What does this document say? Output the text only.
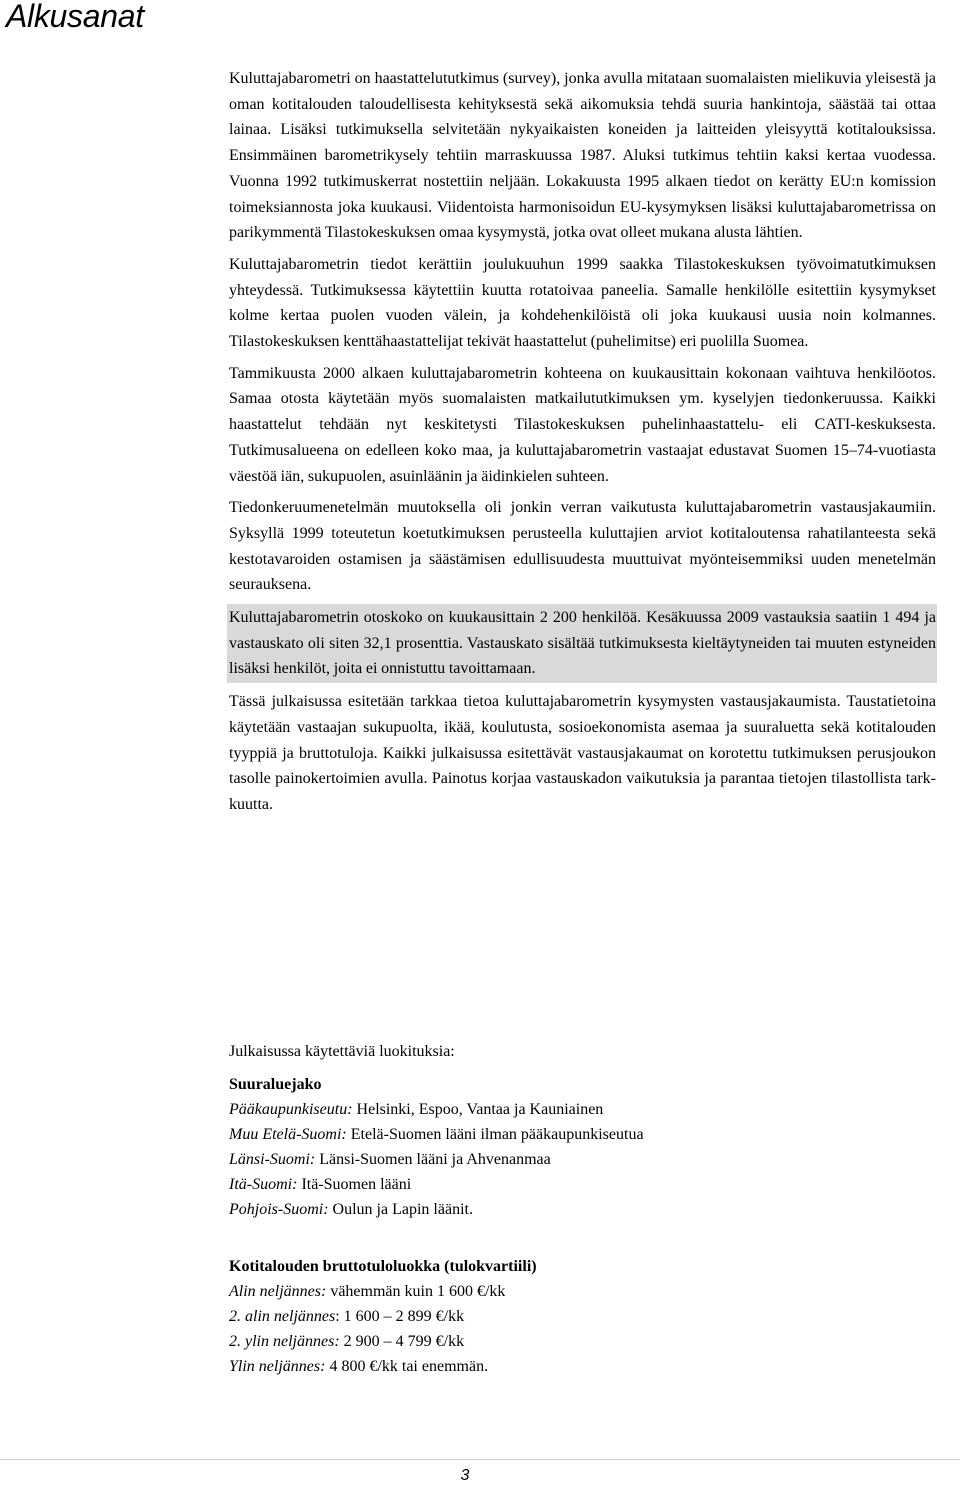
Alkusanat

Kuluttajabarometri on haastattelututkimus (survey), jonka avulla mitataan suomalaisten mielikuvia yleisestä ja oman kotitalouden taloudellisesta kehityksestä sekä aikomuksia tehdä suuria hankintoja, säästää tai ottaa lainaa. Lisäksi tutkimuksella selvitetään nykyaikaisten koneiden ja laitteiden yleisyyttä kotitalouksissa. Ensimmäinen barometrikysely tehtiin marraskuussa 1987. Aluksi tutkimus tehtiin kaksi kertaa vuodessa. Vuonna 1992 tutkimuskerrat nostettiin neljään. Lokakuusta 1995 alkaen tiedot on kerätty EU:n komission toimeksiannosta joka kuukausi. Viidentoista harmonisoidun EU-kysymyksen lisäksi kuluttajabarometrissa on parikymmentä Tilastokeskuksen omaa kysymystä, jotka ovat olleet mukana alusta lähtien.

Kuluttajabarometrin tiedot kerättiin joulukuuhun 1999 saakka Tilastokeskuksen työvoimatutkimuksen yhteydessä. Tutkimuksessa käytettiin kuutta rotatoivaa paneelia. Samalle henkilölle esitettiin kysymykset kolme kertaa puolen vuoden välein, ja kohdehenkilöistä oli joka kuukausi uusia noin kolmannes. Tilastokeskuksen kenttähaastattelijat tekivät haastattelut (puhelimitse) eri puolilla Suomea.

Tammikuusta 2000 alkaen kuluttajabarometrin kohteena on kuukausittain kokonaan vaihtuva henkilöotos. Samaa otosta käytetään myös suomalaisten matkailututkimuksen ym. kyselyjen tiedonkeruussa. Kaikki haastattelut tehdään nyt keskitetysti Tilastokeskuksen puhelinhaastattelu- eli CATI-keskuksesta. Tutkimusalueena on edelleen koko maa, ja kuluttajabarometrin vastaajat edustavat Suomen 15–74-vuotiasta väestöä iän, sukupuolen, asuinläänin ja äidinkielen suhteen.

Tiedonkeruumenetelmän muutoksella oli jonkin verran vaikutusta kuluttajabarometrin vastausjakaumiin. Syksyllä 1999 toteutetun koetutkimuksen perusteella kuluttajien arviot kotitaloutensa rahatilanteesta sekä kestotavaroiden ostamisen ja säästämisen edullisuudesta muuttuivat myönteisemmiksi uuden menetelmän seurauksena.

Kuluttajabarometrin otoskoko on kuukausittain 2 200 henkilöä. Kesäkuussa 2009 vastauksia saatiin 1 494 ja vastauskato oli siten 32,1 prosenttia. Vastauskato sisältää tutkimuksesta kieltäytyneiden tai muuten estyneiden lisäksi henkilöt, joita ei onnistuttu tavoittamaan.

Tässä julkaisussa esitetään tarkkaa tietoa kuluttajabarometrin kysymysten vastausjakaumista. Taustatietoina käytetään vastaajan sukupuolta, ikää, koulutusta, sosioekonomista asemaa ja suuraluetta sekä kotitalouden tyyppiä ja bruttotuloja. Kaikki julkaisussa esitettävät vastausjakaumat on korotettu tutkimuksen perusjoukon tasolle painokertoimien avulla. Painotus korjaa vastauskadon vaikutuksia ja parantaa tietojen tilastollista tarkkuutta.

Julkaisussa käytettäviä luokituksia:

Suuraluejako

Pääkaupunkiseutu: Helsinki, Espoo, Vantaa ja Kauniainen

Muu Etelä-Suomi: Etelä-Suomen lääni ilman pääkaupunkiseutua

Länsi-Suomi: Länsi-Suomen lääni ja Ahvenanmaa

Itä-Suomi: Itä-Suomen lääni

Pohjois-Suomi: Oulun ja Lapin läänit.

Kotitalouden bruttotuloluokka (tulokvartiili)

Alin neljännes: vähemmän kuin 1 600 €/kk

2. alin neljännes: 1 600 – 2 899 €/kk

2. ylin neljännes: 2 900 – 4 799 €/kk

Ylin neljännes: 4 800 €/kk tai enemmän.

3
